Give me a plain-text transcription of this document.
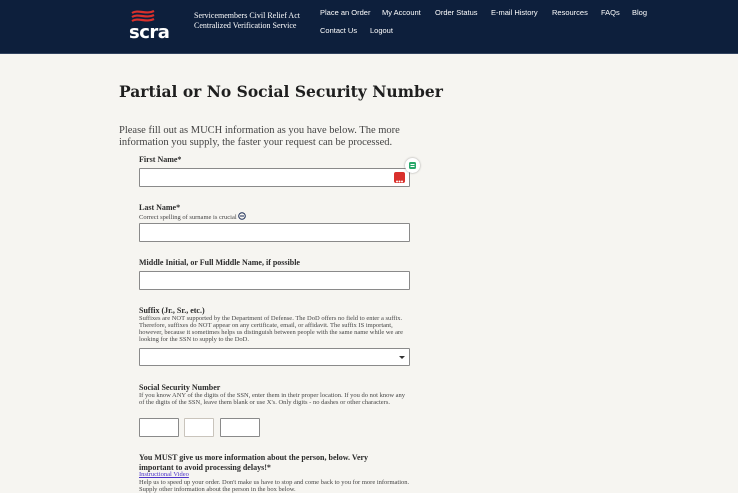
scra
Servicemembers Civil Relief Act Centralized Verification Service
Place an Order My Account Order Status E-mail History Resources FAQs Blog
Contact Us Logout
Partial or No Social Security Number
Please fill out as MUCH information as you have below. The more information you supply, the faster your request can be processed.
First Name*
Last Name*
Correct spelling of surname is crucial
Middle Initial, or Full Middle Name, if possible
Suffix (Jr., Sr., etc.)
Suffixes are NOT supported by the Department of Defense. The DoD offers no field to enter a suffix. Therefore, suffixes do NOT appear on any certificate, email, or affidavit. The suffix IS important, however, because it sometimes helps us distinguish between people with the same name while we are looking for the SSN to supply to the DoD.
Social Security Number
If you know ANY of the digits of the SSN, enter them in their proper location. If you do not know any of the digits of the SSN, leave them blank or use X's. Only digits - no dashes or other characters.
You MUST give us more information about the person, below. Very important to avoid processing delays!*
Instructional Video
Help us to speed up your order. Don't make us have to stop and come back to you for more information. Supply other information about the person in the box below.
